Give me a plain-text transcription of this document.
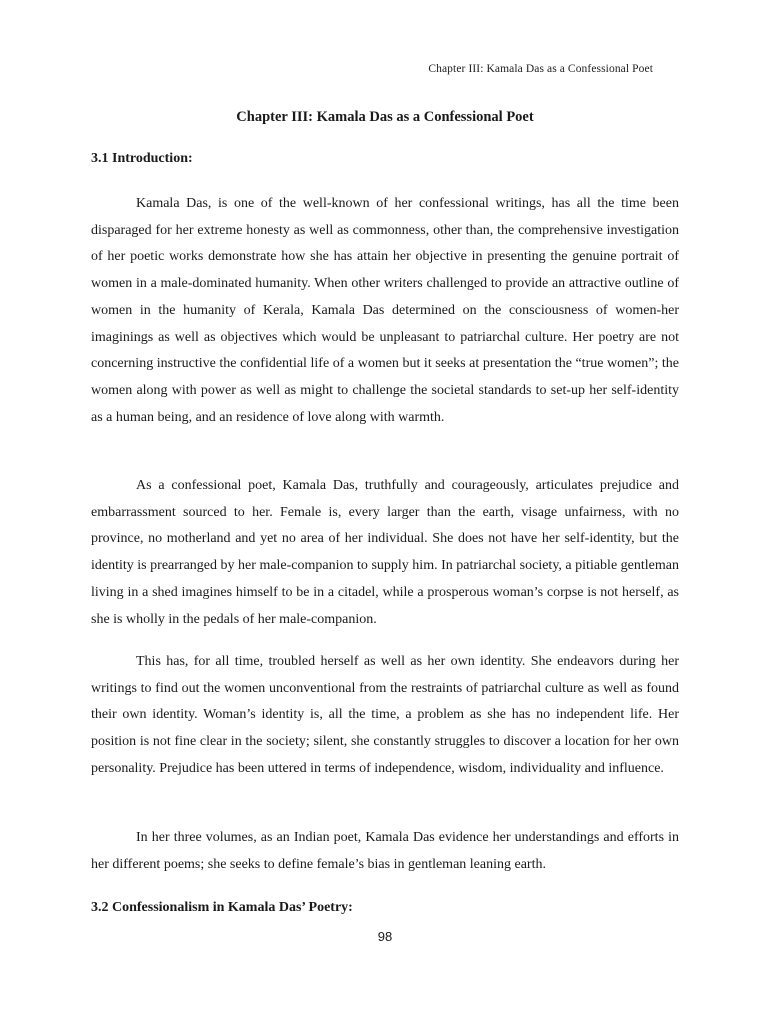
Chapter III: Kamala Das as a Confessional Poet
Chapter III: Kamala Das as a Confessional Poet
3.1 Introduction:

Kamala Das, is one of the well-known of her confessional writings, has all the time been disparaged for her extreme honesty as well as commonness, other than, the comprehensive investigation of her poetic works demonstrate how she has attain her objective in presenting the genuine portrait of women in a male-dominated humanity. When other writers challenged to provide an attractive outline of women in the humanity of Kerala, Kamala Das determined on the consciousness of women-her imaginings as well as objectives which would be unpleasant to patriarchal culture. Her poetry are not concerning instructive the confidential life of a women but it seeks at presentation the “true women”; the women along with power as well as might to challenge the societal standards to set-up her self-identity as a human being, and an residence of love along with warmth.

As a confessional poet, Kamala Das, truthfully and courageously, articulates prejudice and embarrassment sourced to her. Female is, every larger than the earth, visage unfairness, with no province, no motherland and yet no area of her individual. She does not have her self-identity, but the identity is prearranged by her male-companion to supply him. In patriarchal society, a pitiable gentleman living in a shed imagines himself to be in a citadel, while a prosperous woman’s corpse is not herself, as she is wholly in the pedals of her male-companion.

This has, for all time, troubled herself as well as her own identity. She endeavors during her writings to find out the women unconventional from the restraints of patriarchal culture as well as found their own identity. Woman’s identity is, all the time, a problem as she has no independent life. Her position is not fine clear in the society; silent, she constantly struggles to discover a location for her own personality. Prejudice has been uttered in terms of independence, wisdom, individuality and influence.

In her three volumes, as an Indian poet, Kamala Das evidence her understandings and efforts in her different poems; she seeks to define female’s bias in gentleman leaning earth.

3.2 Confessionalism in Kamala Das’ Poetry:
98
